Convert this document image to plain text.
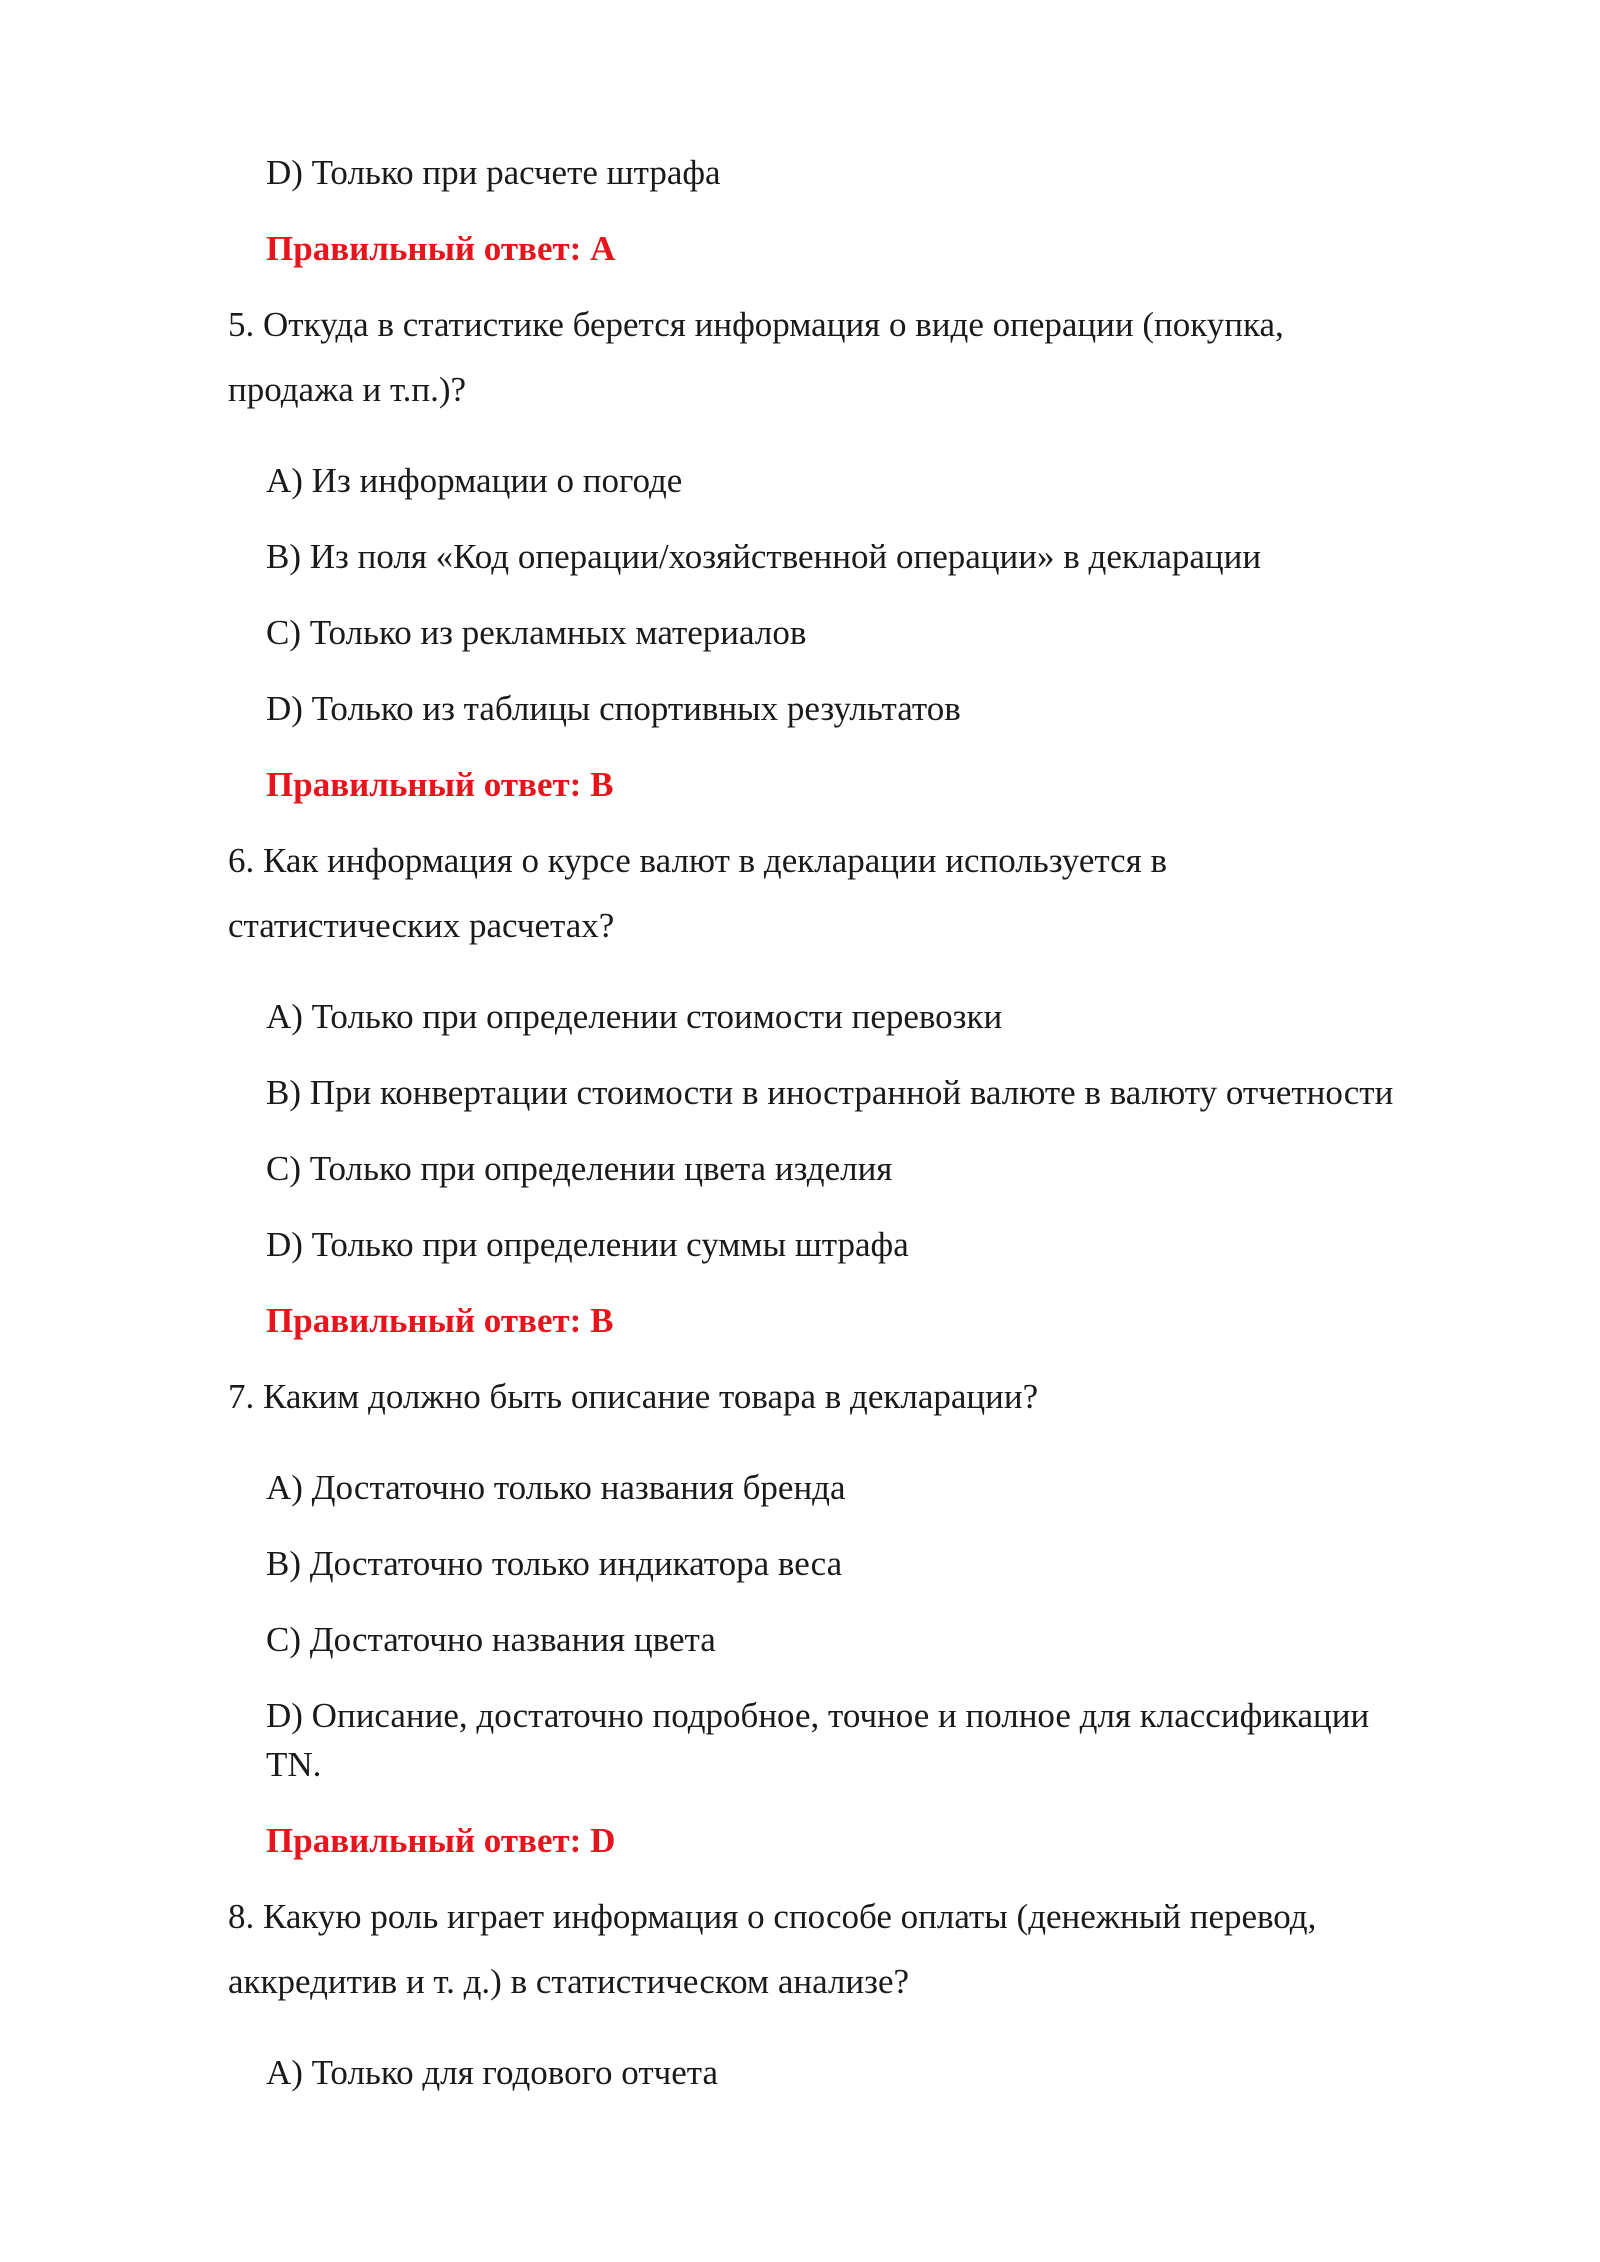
D) Только при расчете штрафа
Правильный ответ: A
5. Откуда в статистике берется информация о виде операции (покупка,
продажа и т.п.)?
A) Из информации о погоде
B) Из поля «Код операции/хозяйственной операции» в декларации
C) Только из рекламных материалов
D) Только из таблицы спортивных результатов
Правильный ответ: B
6. Как информация о курсе валют в декларации используется в
статистических расчетах?
A) Только при определении стоимости перевозки
B) При конвертации стоимости в иностранной валюте в валюту отчетности
C) Только при определении цвета изделия
D) Только при определении суммы штрафа
Правильный ответ: B
7. Каким должно быть описание товара в декларации?
A) Достаточно только названия бренда
B) Достаточно только индикатора веса
C) Достаточно названия цвета
D) Описание, достаточно подробное, точное и полное для классификации
TN.
Правильный ответ: D
8. Какую роль играет информация о способе оплаты (денежный перевод,
аккредитив и т. д.) в статистическом анализе?
A) Только для годового отчета
